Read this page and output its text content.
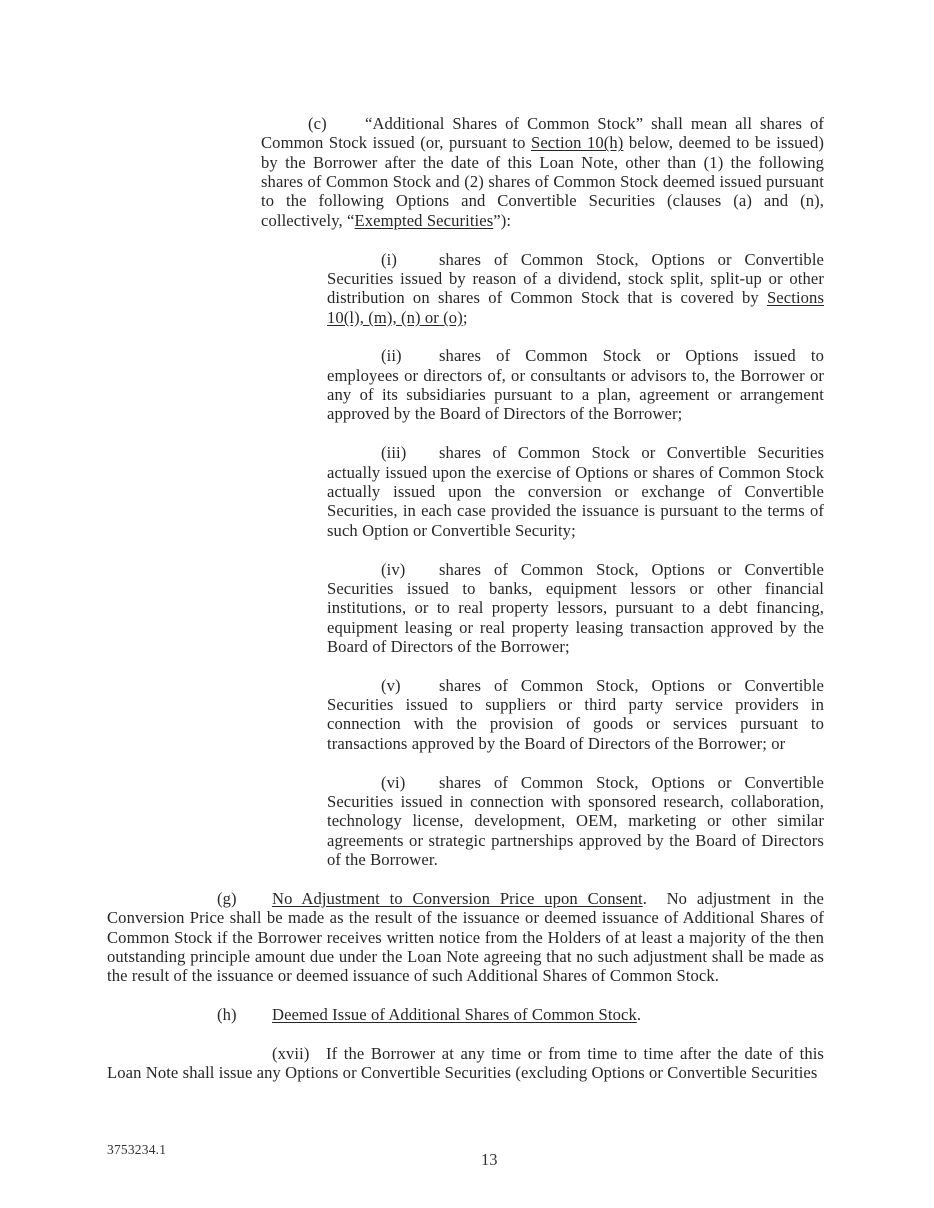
(c) “Additional Shares of Common Stock” shall mean all shares of Common Stock issued (or, pursuant to Section 10(h) below, deemed to be issued) by the Borrower after the date of this Loan Note, other than (1) the following shares of Common Stock and (2) shares of Common Stock deemed issued pursuant to the following Options and Convertible Securities (clauses (a) and (n), collectively, “Exempted Securities”):

(i)	shares of Common Stock, Options or Convertible Securities issued by reason of a dividend, stock split, split-up or other distribution on shares of Common Stock that is covered by Sections 10(l), (m), (n) or (o);

(ii) shares of Common Stock or Options issued to employees or directors of, or consultants or advisors to, the Borrower or any of its subsidiaries pursuant to a plan, agreement or arrangement approved by the Board of Directors of the Borrower;

(iii) shares of Common Stock or Convertible Securities actually issued upon the exercise of Options or shares of Common Stock actually issued upon the conversion or exchange of Convertible Securities, in each case provided the issuance is pursuant to the terms of such Option or Convertible Security;

(iv) shares of Common Stock, Options or Convertible Securities issued to banks, equipment lessors or other financial institutions, or to real property lessors, pursuant to a debt financing, equipment leasing or real property leasing transaction approved by the Board of Directors of the Borrower;

(v) shares of Common Stock, Options or Convertible Securities issued to suppliers or third party service providers in connection with the provision of goods or services pursuant to transactions approved by the Board of Directors of the Borrower; or

(vi) shares of Common Stock, Options or Convertible Securities issued in connection with sponsored research, collaboration, technology license, development, OEM, marketing or other similar agreements or strategic partnerships approved by the Board of Directors of the Borrower.

(g) No Adjustment to Conversion Price upon Consent.  No adjustment in the Conversion Price shall be made as the result of the issuance or deemed issuance of Additional Shares of Common Stock if the Borrower receives written notice from the Holders of at least a majority of the then outstanding principle amount due under the Loan Note agreeing that no such adjustment shall be made as the result of the issuance or deemed issuance of such Additional Shares of Common Stock.

(h) Deemed Issue of Additional Shares of Common Stock.

(xvii) If the Borrower at any time or from time to time after the date of this Loan Note shall issue any Options or Convertible Securities (excluding Options or Convertible Securities

3753234.1
13
